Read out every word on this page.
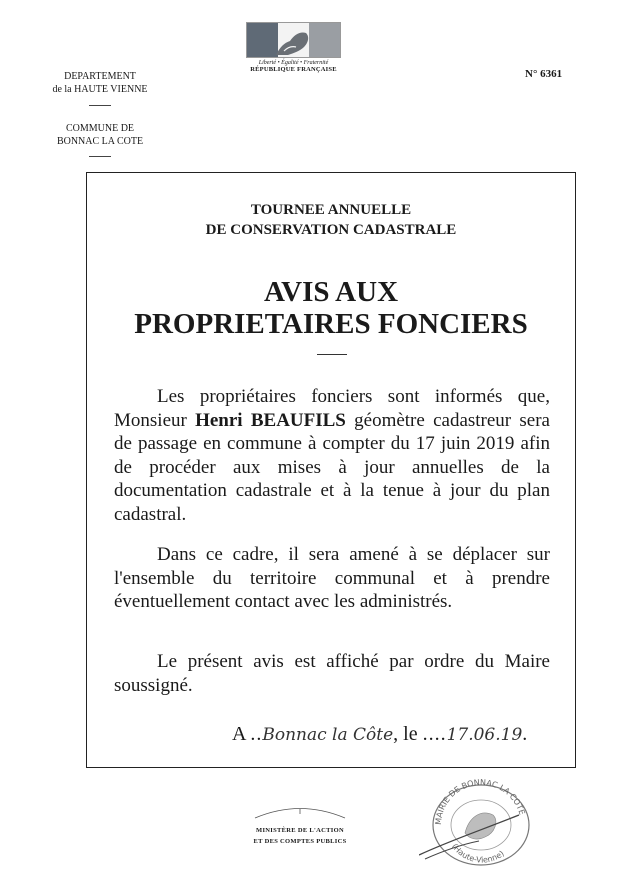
Liberté • Égalité • Fraternité
RÉPUBLIQUE FRANÇAISE
DEPARTEMENT
de la HAUTE VIENNE
COMMUNE DE
BONNAC LA COTE
N° 6361
TOURNEE ANNUELLE
DE CONSERVATION CADASTRALE
AVIS AUX
PROPRIETAIRES FONCIERS
Les propriétaires fonciers sont informés que, Monsieur Henri BEAUFILS géomètre cadastreur sera de passage en commune à compter du 17 juin 2019 afin de procéder aux mises à jour annuelles de la documentation cadastrale et à la tenue à jour du plan cadastral.
Dans ce cadre, il sera amené à se déplacer sur l'ensemble du territoire communal et à prendre éventuellement contact avec les administrés.
Le présent avis est affiché par ordre du Maire soussigné.
A ..Bonnac la Côte, le ....17.06.19.
MINISTÈRE DE L'ACTION
ET DES COMPTES PUBLICS
MAIRIE DE BONNAC LA COTE
(Haute-Vienne)
